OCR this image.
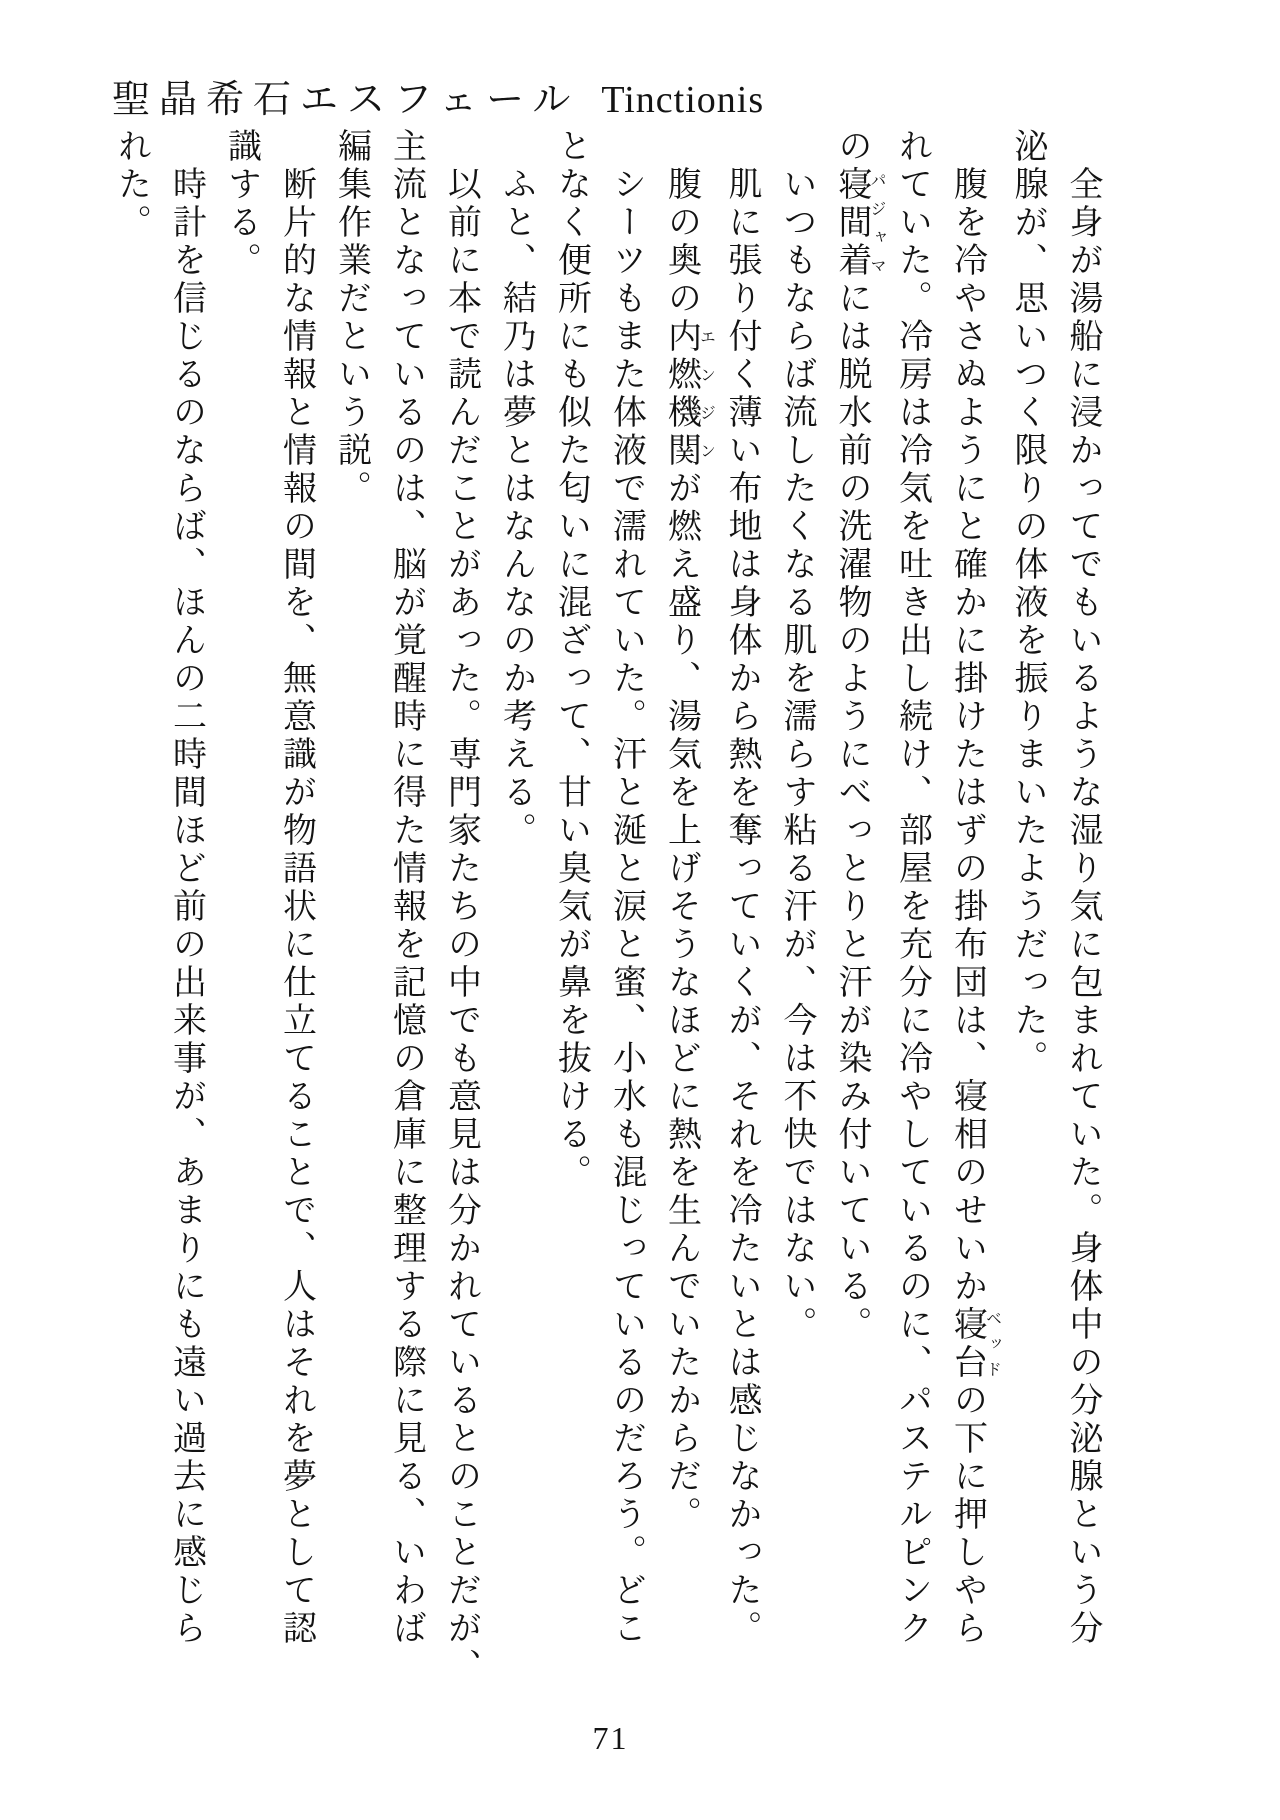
聖晶希石エスフェール Tinctionis

　全身が湯船に浸かってでもいるような湿り気に包まれていた。身体中の分泌腺という分

泌腺が、思いつく限りの体液を振りまいたようだった。

　腹を冷やさぬようにと確かに掛けたはずの掛布団は、寝相のせいか寝台ベッドの下に押しやら

れていた。冷房は冷気を吐き出し続け、部屋を充分に冷やしているのに、パステルピンク

の寝間着パジャマには脱水前の洗濯物のようにべっとりと汗が染み付いている。

　いつもならば流したくなる肌を濡らす粘る汗が、今は不快ではない。

　肌に張り付く薄い布地は身体から熱を奪っていくが、それを冷たいとは感じなかった。

　腹の奥の内燃機関エンジンが燃え盛り、湯気を上げそうなほどに熱を生んでいたからだ。

　シーツもまた体液で濡れていた。汗と涎と涙と蜜、小水も混じっているのだろう。どこ

となく便所にも似た匂いに混ざって、甘い臭気が鼻を抜ける。

　ふと、結乃は夢とはなんなのか考える。

　以前に本で読んだことがあった。専門家たちの中でも意見は分かれているとのことだが、

主流となっているのは、脳が覚醒時に得た情報を記憶の倉庫に整理する際に見る、いわば

編集作業だという説。

　断片的な情報と情報の間を、無意識が物語状に仕立てることで、人はそれを夢として認

識する。

　時計を信じるのならば、ほんの二時間ほど前の出来事が、あまりにも遠い過去に感じら

れた。

71
